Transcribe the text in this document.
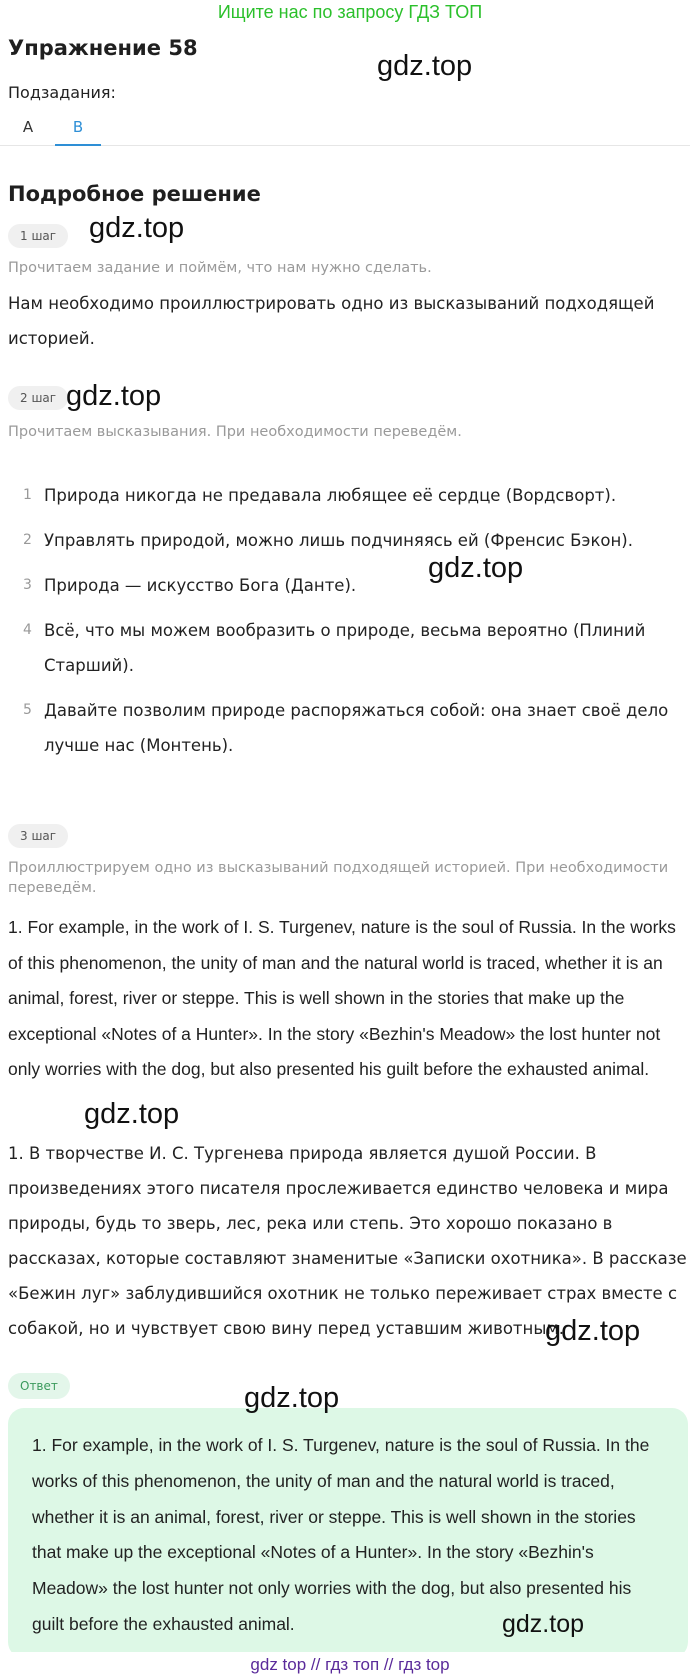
Ищите нас по запросу ГДЗ ТОП
Упражнение 58
Подзадания:
A	B
Подробное решение
1 шаг
Прочитаем задание и поймём, что нам нужно сделать.
Нам необходимо проиллюстрировать одно из высказываний подходящей историей.
2 шаг
Прочитаем высказывания. При необходимости переведём.
1 Природа никогда не предавала любящее её сердце (Вордсворт).
2 Управлять природой, можно лишь подчиняясь ей (Френсис Бэкон).
3 Природа — искусство Бога (Данте).
4 Всё, что мы можем вообразить о природе, весьма вероятно (Плиний Старший).
5 Давайте позволим природе распоряжаться собой: она знает своё дело лучше нас (Монтень).
3 шаг
Проиллюстрируем одно из высказываний подходящей историей. При необходимости переведём.
1. For example, in the work of I. S. Turgenev, nature is the soul of Russia. In the works of this phenomenon, the unity of man and the natural world is traced, whether it is an animal, forest, river or steppe. This is well shown in the stories that make up the exceptional «Notes of a Hunter». In the story «Bezhin's Meadow» the lost hunter not only worries with the dog, but also presented his guilt before the exhausted animal.
1. В творчестве И. С. Тургенева природа является душой России. В произведениях этого писателя прослеживается единство человека и мира природы, будь то зверь, лес, река или степь. Это хорошо показано в рассказах, которые составляют знаменитые «Записки охотника». В рассказе «Бежин луг» заблудившийся охотник не только переживает страх вместе с собакой, но и чувствует свою вину перед уставшим животным.
Ответ
1. For example, in the work of I. S. Turgenev, nature is the soul of Russia. In the works of this phenomenon, the unity of man and the natural world is traced, whether it is an animal, forest, river or steppe. This is well shown in the stories that make up the exceptional «Notes of a Hunter». In the story «Bezhin's Meadow» the lost hunter not only worries with the dog, but also presented his guilt before the exhausted animal.
gdz.top
gdz.top
gdz.top
gdz.top
gdz.top
gdz.top
gdz.top
gdz.top
gdz top // гдз топ // гдз top
